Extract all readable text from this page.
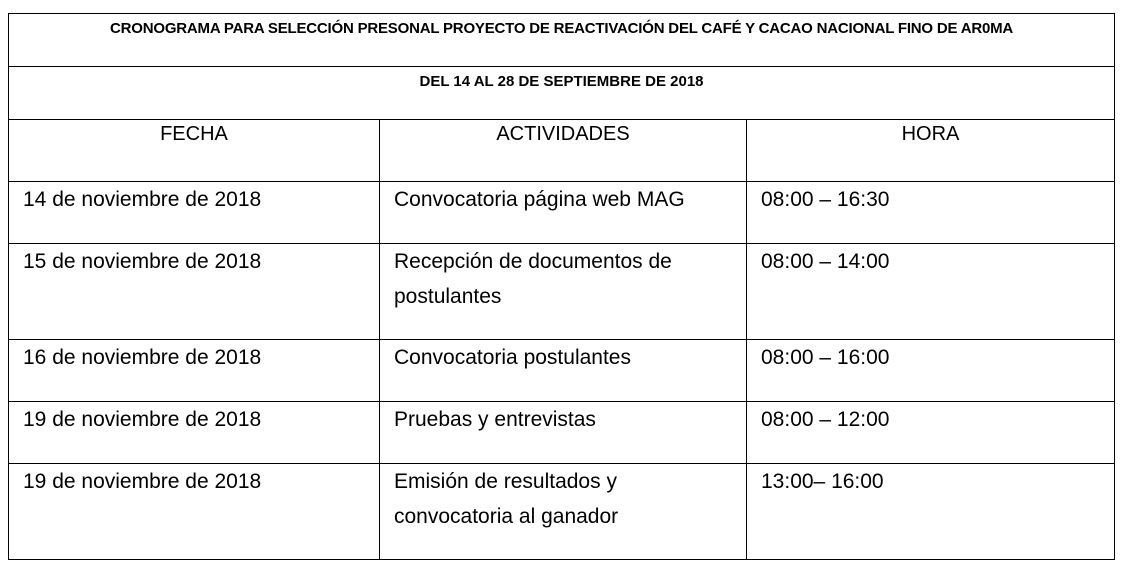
CRONOGRAMA PARA SELECCIÓN PRESONAL PROYECTO DE REACTIVACIÓN DEL CAFÉ Y CACAO NACIONAL FINO DE AR0MA		

DEL 14 AL 28 DE SEPTIEMBRE DE 2018		

FECHA	ACTIVIDADES	HORA

14 de noviembre de 2018	Convocatoria página web MAG	08:00 – 16:30

15 de noviembre de 2018	Recepción de documentos de postulantes	08:00 – 14:00

16 de noviembre de 2018	Convocatoria postulantes	08:00 – 16:00

19 de noviembre de 2018	Pruebas y entrevistas	08:00 – 12:00

19 de noviembre de 2018	Emisión de resultados y convocatoria al ganador	13:00– 16:00
